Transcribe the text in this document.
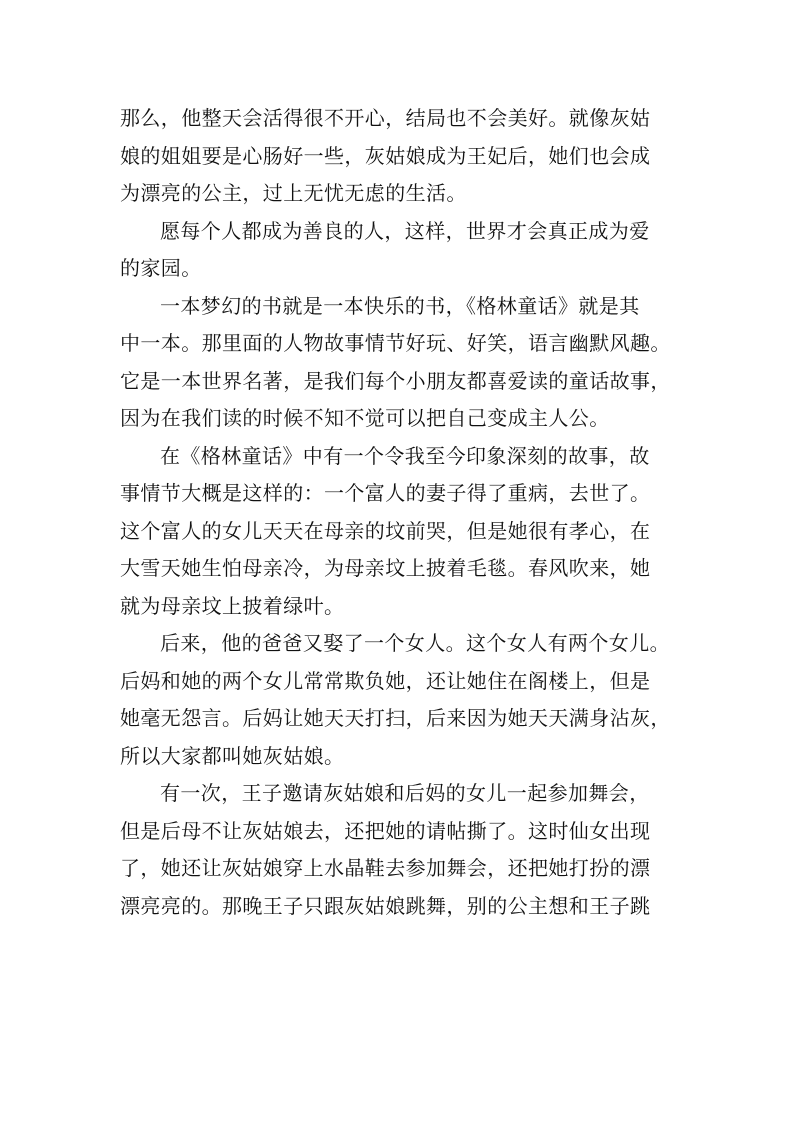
那么，他整天会活得很不开心，结局也不会美好。就像灰姑
娘的姐姐要是心肠好一些，灰姑娘成为王妃后，她们也会成
为漂亮的公主，过上无忧无虑的生活。
愿每个人都成为善良的人，这样，世界才会真正成为爱
的家园。
一本梦幻的书就是一本快乐的书，《格林童话》就是其
中一本。那里面的人物故事情节好玩、好笑，语言幽默风趣。
它是一本世界名著，是我们每个小朋友都喜爱读的童话故事，
因为在我们读的时候不知不觉可以把自己变成主人公。
在《格林童话》中有一个令我至今印象深刻的故事，故
事情节大概是这样的：一个富人的妻子得了重病，去世了。
这个富人的女儿天天在母亲的坟前哭，但是她很有孝心，在
大雪天她生怕母亲冷，为母亲坟上披着毛毯。春风吹来，她
就为母亲坟上披着绿叶。
后来，他的爸爸又娶了一个女人。这个女人有两个女儿。
后妈和她的两个女儿常常欺负她，还让她住在阁楼上，但是
她毫无怨言。后妈让她天天打扫，后来因为她天天满身沾灰，
所以大家都叫她灰姑娘。
有一次，王子邀请灰姑娘和后妈的女儿一起参加舞会，
但是后母不让灰姑娘去，还把她的请帖撕了。这时仙女出现
了，她还让灰姑娘穿上水晶鞋去参加舞会，还把她打扮的漂
漂亮亮的。那晚王子只跟灰姑娘跳舞，别的公主想和王子跳
